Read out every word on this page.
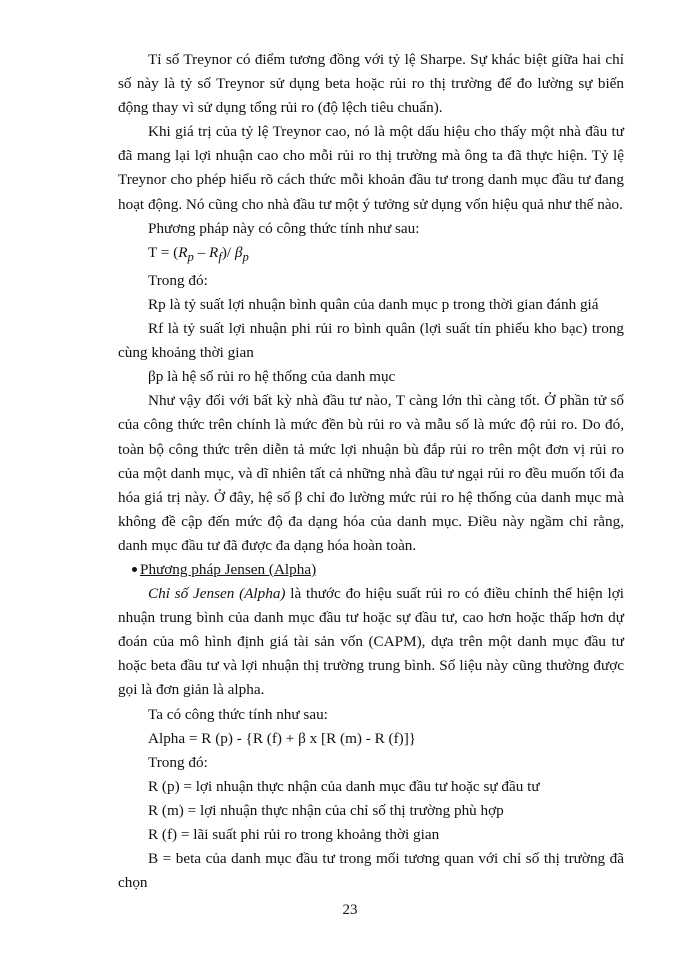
Tỉ số Treynor có điểm tương đồng với tỷ lệ Sharpe. Sự khác biệt giữa hai chỉ số này là tỷ số Treynor sử dụng beta hoặc rủi ro thị trường để đo lường sự biến động thay vì sử dụng tổng rủi ro (độ lệch tiêu chuẩn).

Khi giá trị của tỷ lệ Treynor cao, nó là một dấu hiệu cho thấy một nhà đầu tư đã mang lại lợi nhuận cao cho mỗi rủi ro thị trường mà ông ta đã thực hiện. Tỷ lệ Treynor cho phép hiểu rõ cách thức mỗi khoản đầu tư trong danh mục đầu tư đang hoạt động. Nó cũng cho nhà đầu tư một ý tưởng sử dụng vốn hiệu quả như thế nào.

Phương pháp này có công thức tính như sau:

$T = (R_p - R_f)/$ $\beta_p$

Trong đó:

Rp là tỷ suất lợi nhuận bình quân của danh mục p trong thời gian đánh giá

Rf là tỷ suất lợi nhuận phi rủi ro bình quân (lợi suất tín phiếu kho bạc) trong cùng khoảng thời gian

βp là hệ số rủi ro hệ thống của danh mục

Như vậy đối với bất kỳ nhà đầu tư nào, T càng lớn thì càng tốt. Ở phần tử số của công thức trên chính là mức đền bù rủi ro và mẫu số là mức độ rủi ro. Do đó, toàn bộ công thức trên diễn tả mức lợi nhuận bù đắp rủi ro trên một đơn vị rủi ro của một danh mục, và dĩ nhiên tất cả những nhà đầu tư ngại rủi ro đều muốn tối đa hóa giá trị này. Ở đây, hệ số β chỉ đo lường mức rủi ro hệ thống của danh mục mà không đề cập đến mức độ đa dạng hóa của danh mục. Điều này ngầm chỉ rằng, danh mục đầu tư đã được đa dạng hóa hoàn toàn.

Phương pháp Jensen (Alpha)

Chỉ số Jensen (Alpha) là thước đo hiệu suất rủi ro có điều chỉnh thể hiện lợi nhuận trung bình của danh mục đầu tư hoặc sự đầu tư, cao hơn hoặc thấp hơn dự đoán của mô hình định giá tài sản vốn (CAPM), dựa trên một danh mục đầu tư hoặc beta đầu tư và lợi nhuận thị trường trung bình. Số liệu này cũng thường được gọi là đơn giản là alpha.

Ta có công thức tính như sau:

Alpha = R (p) - {R (f) + β x [R (m) - R (f)]}

Trong đó:

R (p) = lợi nhuận thực nhận của danh mục đầu tư hoặc sự đầu tư

R (m) = lợi nhuận thực nhận của chỉ số thị trường phù hợp

R (f) = lãi suất phi rủi ro trong khoảng thời gian

B = beta của danh mục đầu tư trong mối tương quan với chỉ số thị trường đã chọn

23
